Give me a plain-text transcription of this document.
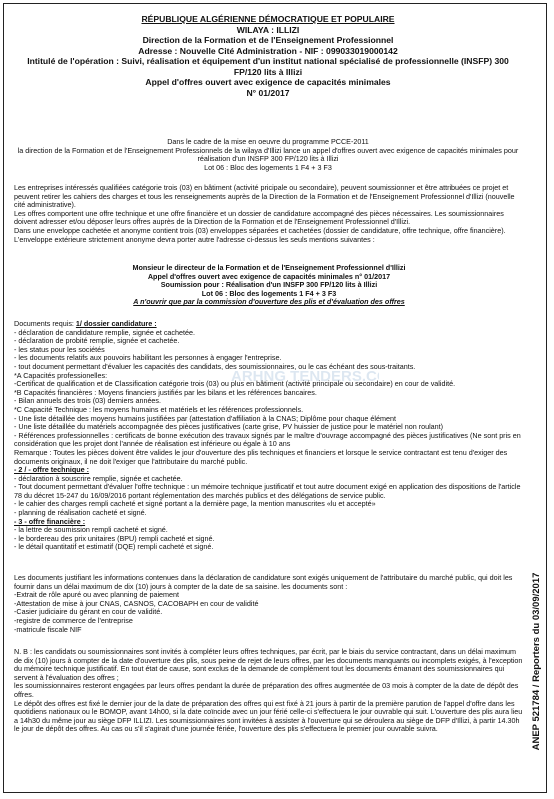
RÉPUBLIQUE ALGÉRIENNE DÉMOCRATIQUE ET POPULAIRE
WILAYA : ILLIZI
Direction de la Formation et de l'Enseignement Professionnel
Adresse : Nouvelle Cité Administration - NIF : 099033019000142
Intitulé de l'opération : Suivi, réalisation et équipement d'un institut national spécialisé de professionnelle (INSFP) 300 FP/120 lits à Illizi
Appel d'offres ouvert avec exigence de capacités minimales
N° 01/2017
Dans le cadre de la mise en oeuvre du programme PCCE-2011
la direction de la Formation et de l'Enseignement Professionnels de la wilaya d'Illizi lance un appel d'offres ouvert avec exigence de capacités minimales pour réalisation d'un INSFP 300 FP/120 lits à Illizi
Lot 06 : Bloc des logements 1 F4 + 3 F3
Les entreprises intéressés qualifiées catégorie trois (03) en bâtiment (activité pricipale ou secondaire), peuvent soumissionner et être attribuées ce projet et peuvent retirer les cahiers des charges et tous les renseignements auprès de la Direction de la Formation et de l'Enseignement Professionnel d'Illizi (nouvelle cité administrative).
Les offres comportent une offre technique et une offre financière et un dossier de candidature accompagné des pièces nécessaires. Les soumissionnaires doivent adresser et/ou déposer leurs offres auprès de la Direction de la Formation et de l'Enseignement Professionnel d'Illizi.
Dans une enveloppe cachetée et anonyme contient trois (03) enveloppes séparées et cachetées (dossier de candidature, offre technique, offre financière). L'enveloppe extérieure strictement anonyme devra porter autre l'adresse ci-dessus les seuls mentions suivantes :
Monsieur le directeur de la Formation et de l'Enseignement Professionnel d'Illizi
Appel d'offres ouvert avec exigence de capacités minimales n° 01/2017
Soumission pour : Réalisation d'un INSFP 300 FP/120 lits à Illizi
Lot 06 : Bloc des logements 1 F4 + 3 F3
A n'ouvrir que par la commission d'ouverture des plis et d'évaluation des offres
Documents requis: 1/ dossier candidature :
- déclaration de candidature remplie, signée et cachetée.
- déclaration de probité remplie, signée et cachetée.
- les status pour les sociétés
- les documents relatifs aux pouvoirs habilitant les personnes à engager l'entreprise.
- tout document permettant d'évaluer les capacités des candidats, des soumissionnaires, ou le cas échéant des sous-traitants.
*A Capacités professionelles:
-Certificat de qualification et de Classification catégorie trois (03) ou plus en bâtiment (activité principale ou secondaire) en cour de validité.
*B Capacités financières : Moyens financiers justifiés par les bilans et les références bancaires.
- Bilan annuels des trois (03) derniers années.
*C Capacité Technique : les moyens humains et matériels et les références professionnels.
- Une liste détaillée des moyens humains justifiées par (attestation d'affiliation à la CNAS; Diplôme pour chaque élément
- Une liste détaillée du matériels accompagnée des pièces justificatives (carte grise, PV huissier de justice pour le matériel non roulant)
- Références professionnelles : certificats de bonne exécution des travaux signés par le maître d'ouvrage accompagné des pièces justificatives (Ne sont pris en considération que les projet dont l'année de réalisation est inférieure ou égale à 10 ans
Remarque : Toutes les pièces doivent être valides le jour d'ouverture des plis techniques et financiers et lorsque le service contractant est tenu d'exiger des documents originaux, il ne doit l'exiger que l'attributaire du marché public.
- 2 / - offre technique :
- déclaration à souscrire remplie, signée et cachetée.
- Tout document permettant d'évaluer l'offre technique : un mémoire technique justificatif et tout autre document exigé en application des dispositions de l'article 78 du décret 15-247 du 16/09/2016 portant réglementation des marchés publics et des délégations de service public.
- le cahier des charges rempli cacheté et signé portant a la dernière page, la mention manuscrites «lu et accepté»
- planning de réalisation cacheté et signé.
- 3 - offre financière :
- la lettre de soumission rempli cacheté et signé.
- le bordereau des prix unitaires (BPU) rempli cacheté et signé.
- le détail quantitatif et estimatif (DQE) rempli cacheté et signé.
Les documents justifiant les informations contenues dans la déclaration de candidature sont exigés uniquement de l'attributaire du marché public, qui doit les fournir dans un délai maximum de dix (10) jours à compter de la date de sa saisine. les documents sont :
-Extrait de rôle apuré ou avec planning de paiement
-Attestation de mise à jour CNAS, CASNOS, CACOBAPH en cour de validité
-Casier judiciaire du gérant en cour de validité.
-registre de commerce de l'entreprise
-matricule fiscale NIF
N. B : les candidats ou soumissionnaires sont invités à compléter leurs offres techniques, par écrit, par le biais du service contractant, dans un délai maximum de dix (10) jours à compter de la date d'ouverture des plis, sous peine de rejet de leurs offres, par les documents manquants ou incomplets exigés, à l'exception du mémoire technique justificatif. En tout état de cause, sont exclus de la demande de complément tout les documents émanant des soumissionnaires qui servent à l'évaluation des offres ;
les soumissionnaires resteront engagées par leurs offres pendant la durée de préparation des offres augmentée de 03 mois à compter de la date de dépôt des offres.
Le dépôt des offres est fixé le dernier jour de la date de préparation des offres qui est fixé à 21 jours à partir de la première parution de l'appel d'offre dans les quotidiens nationaux ou le BOMOP, avant 14h00, si la date coïncide avec un jour férié celle-ci s'effectuera le jour ouvrable qui suit. L'ouverture des plis aura lieu a 14h30 du même jour au siège DFP ILLIZI. Les soumissionnaires sont invitées à assister à l'ouverture qui se déroulera au siège de DFP d'Illizi, à partir 14.30h le jour de dépôt des offres. Au cas ou s'il s'agirait d'une journée fériée, l'ouverture des plis s'effectuera le premier jour ouvrable suivra.
ARHNG TENDERS.C
ANEP 521784 / Reporters du 03/09/2017
